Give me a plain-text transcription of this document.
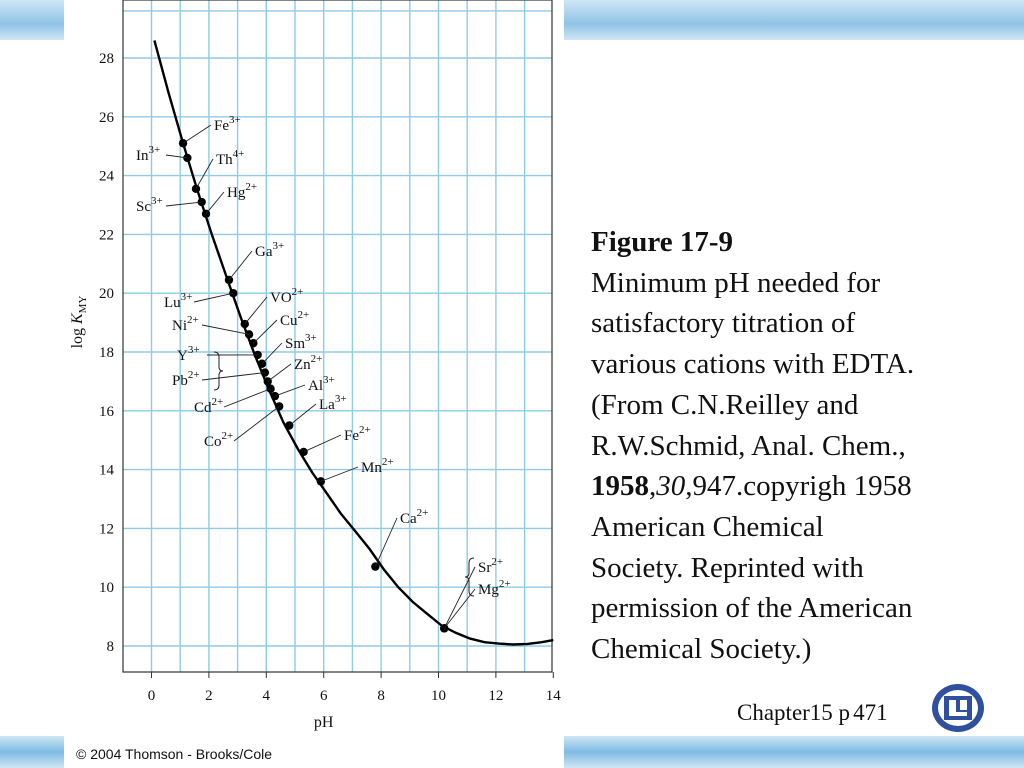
0	2	4	6	8	10	12	14
8
10
12
14
16
18
20
22
24
26
28
pH
$\log K_{MY}$
$Fe^{3+}$
$In^{3+}$
$Th^{4+}$
$Sc^{3+}$	$Hg^{2+}$
$Ga^{3+}$
$Lu^{3+}$	$VO^{2+}$
$Ni^{2+}$	$Cu^{2+}$
$Y^{3+}$	$Sm^{3+}$
$Pb^{2+}$
$Zn^{2+}$
$Cd^{2+}$
$Al^{3+}$
$Co^{2+}$
$La^{3+}$
$Fe^{2+}$
$Mn^{2+}$
$Ca^{2+}$
$Sr^{2+}$
$Mg^{2+}$
Figure 17-9
Minimum pH needed for
satisfactory titration of
various cations with EDTA.
(From C.N.Reilley and
R.W.Schmid, Anal. Chem.,
1958,30,947.copyrigh 1958
American Chemical
Society. Reprinted with
permission of the American
Chemical Society.)
Chapter15 p 471
© 2004 Thomson - Brooks/Cole
